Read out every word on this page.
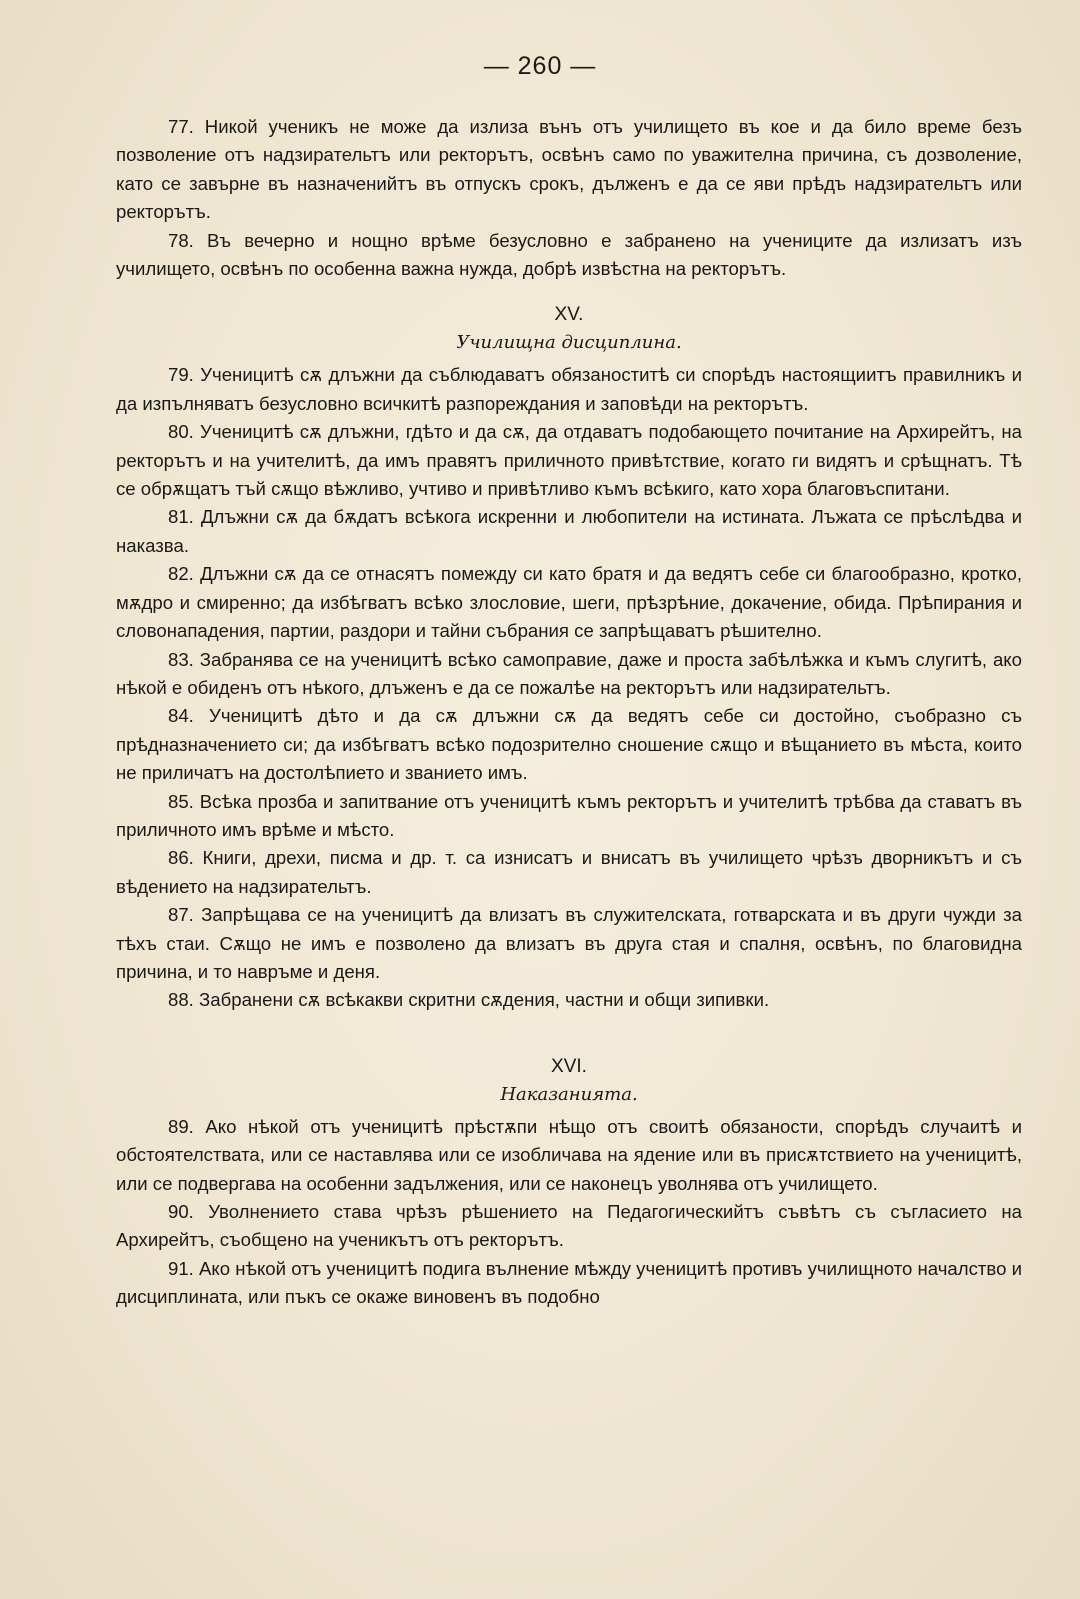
— 260 —

77. Никой ученикъ не може да излиза вънъ отъ училището въ кое и да било време безъ позволение отъ надзирательтъ или ректорътъ, освѣнъ само по уважителна причина, съ дозволение, като се завърне въ назначенийтъ въ отпускъ срокъ, дълженъ е да се яви прѣдъ надзирательтъ или ректорътъ.

78. Въ вечерно и нощно врѣме безусловно е забранено на учениците да излизатъ изъ училището, освѣнъ по особенна важна нужда, добрѣ извѣстна на ректорътъ.

XV.

Училищна дисциплина.

79. Ученицитѣ сѫ длъжни да съблюдаватъ обязаноститѣ си спорѣдъ настоящиитъ правилникъ и да изпълняватъ безусловно всичкитѣ разпореждания и заповѣди на ректорътъ.

80. Ученицитѣ сѫ длъжни, гдѣто и да сѫ, да отдаватъ подобающето почитание на Архирейтъ, на ректорътъ и на учителитѣ, да имъ правятъ приличното привѣтствие, когато ги видятъ и срѣщнатъ. Тѣ се обрѫщатъ тъй сѫщо вѣжливо, учтиво и привѣтливо къмъ всѣкиго, като хора благовъспитани.

81. Длъжни сѫ да бѫдатъ всѣкога искренни и любопители на истината. Лъжата се прѣслѣдва и наказва.

82. Длъжни сѫ да се отнасятъ помежду си като братя и да ведятъ себе си благообразно, кротко, мѫдро и смиренно; да избѣгватъ всѣко злословие, шеги, прѣзрѣние, докачение, обида. Прѣпирания и словонападения, партии, раздори и тайни събрания се запрѣщаватъ рѣшително.

83. Забранява се на ученицитѣ всѣко самоправие, даже и проста забѣлѣжка и къмъ слугитѣ, ако нѣкой е обиденъ отъ нѣкого, длъженъ е да се пожалѣе на ректорътъ или надзирательтъ.

84. Ученицитѣ дѣто и да сѫ длъжни сѫ да ведятъ себе си достойно, съобразно съ прѣдназначението си; да избѣгватъ всѣко подозрително сношение сѫщо и вѣщанието въ мѣста, които не приличатъ на достолѣпието и званието имъ.

85. Всѣка прозба и запитвание отъ ученицитѣ къмъ ректорътъ и учителитѣ трѣбва да ставатъ въ приличното имъ врѣме и мѣсто.

86. Книги, дрехи, писма и др. т. са изнисатъ и внисатъ въ училището чрѣзъ дворникътъ и съ вѣдението на надзирательтъ.

87. Запрѣщава се на ученицитѣ да влизатъ въ служителската, готварската и въ други чужди за тѣхъ стаи. Сѫщо не имъ е позволено да влизатъ въ друга стая и спалня, освѣнъ, по благовидна причина, и то навръме и деня.

88. Забранени сѫ всѣкакви скритни сѫдения, частни и общи зипивки.

XVI.

Наказанията.

89. Ако нѣкой отъ ученицитѣ прѣстѫпи нѣщо отъ своитѣ обязаности, спорѣдъ случаитѣ и обстоятелствата, или се наставлява или се изобличава на ядение или въ присѫтствието на ученицитѣ, или се подвергава на особенни задължения, или се наконецъ уволнява отъ училището.

90. Уволнението става чрѣзъ рѣшението на Педагогическийтъ съвѣтъ съ съгласието на Архирейтъ, съобщено на ученикътъ отъ ректорътъ.

91. Ако нѣкой отъ ученицитѣ подига вълнение мѣжду ученицитѣ противъ училищното началство и дисциплината, или пъкъ се окаже виновенъ въ подобно
